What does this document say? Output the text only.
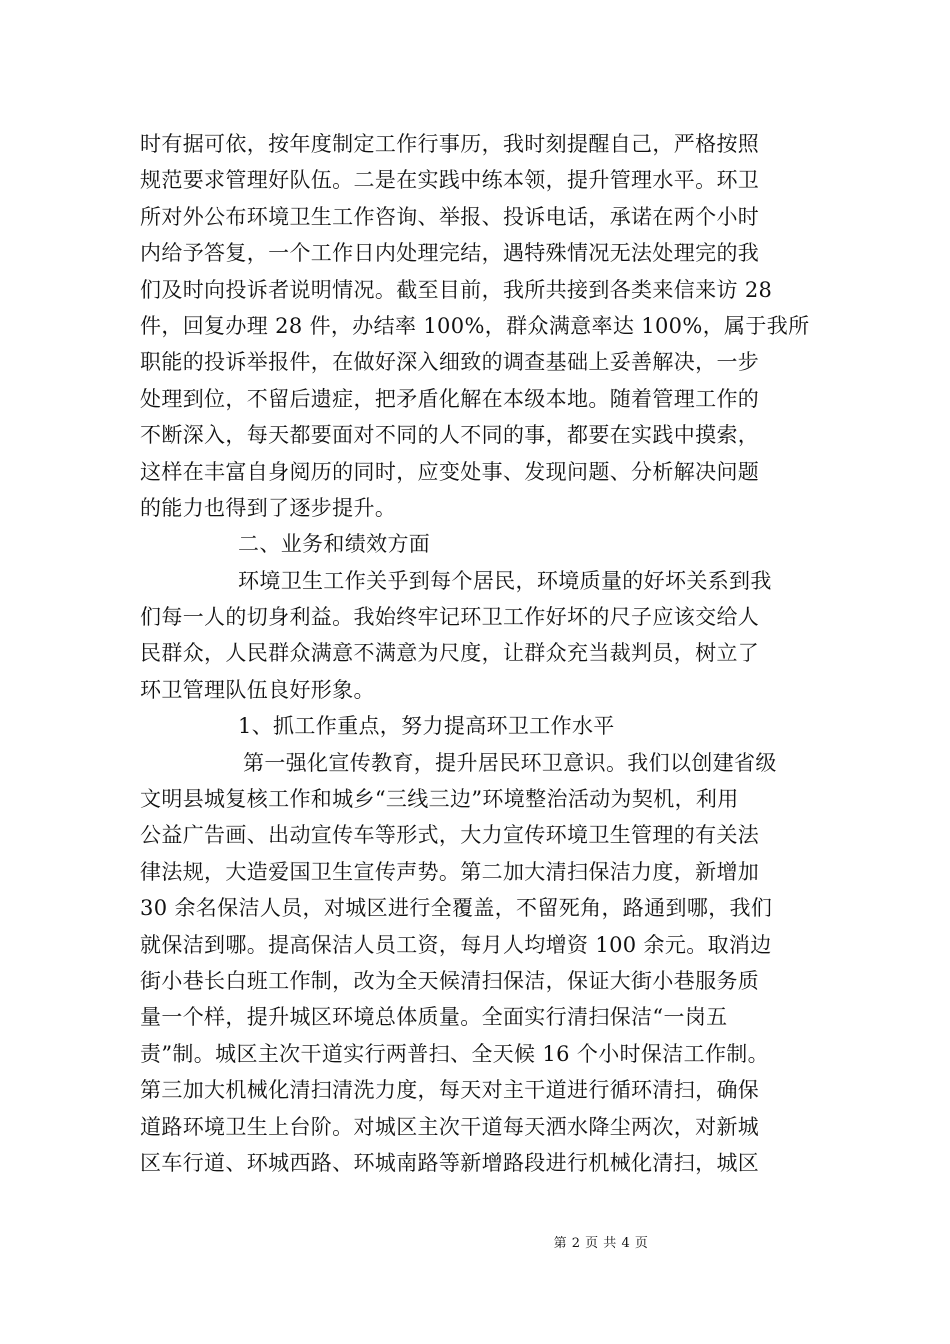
时有据可依，按年度制定工作行事历，我时刻提醒自己，严格按照
规范要求管理好队伍。二是在实践中练本领，提升管理水平。环卫
所对外公布环境卫生工作咨询、举报、投诉电话，承诺在两个小时
内给予答复，一个工作日内处理完结，遇特殊情况无法处理完的我
们及时向投诉者说明情况。截至目前，我所共接到各类来信来访 28
件，回复办理 28 件，办结率 100%，群众满意率达 100%，属于我所
职能的投诉举报件，在做好深入细致的调查基础上妥善解决，一步
处理到位，不留后遗症，把矛盾化解在本级本地。随着管理工作的
不断深入，每天都要面对不同的人不同的事，都要在实践中摸索，
这样在丰富自身阅历的同时，应变处事、发现问题、分析解决问题
的能力也得到了逐步提升。
二、业务和绩效方面
环境卫生工作关乎到每个居民，环境质量的好坏关系到我
们每一人的切身利益。我始终牢记环卫工作好坏的尺子应该交给人
民群众，人民群众满意不满意为尺度，让群众充当裁判员，树立了
环卫管理队伍良好形象。
1、抓工作重点，努力提高环卫工作水平
第一强化宣传教育，提升居民环卫意识。我们以创建省级
文明县城复核工作和城乡“三线三边”环境整治活动为契机，利用
公益广告画、出动宣传车等形式，大力宣传环境卫生管理的有关法
律法规，大造爱国卫生宣传声势。第二加大清扫保洁力度，新增加
30 余名保洁人员，对城区进行全覆盖，不留死角，路通到哪，我们
就保洁到哪。提高保洁人员工资，每月人均增资 100 余元。取消边
街小巷长白班工作制，改为全天候清扫保洁，保证大街小巷服务质
量一个样，提升城区环境总体质量。全面实行清扫保洁“一岗五
责”制。城区主次干道实行两普扫、全天候 16 个小时保洁工作制。
第三加大机械化清扫清洗力度，每天对主干道进行循环清扫，确保
道路环境卫生上台阶。对城区主次干道每天洒水降尘两次，对新城
区车行道、环城西路、环城南路等新增路段进行机械化清扫，城区
第 2 页 共 4 页
